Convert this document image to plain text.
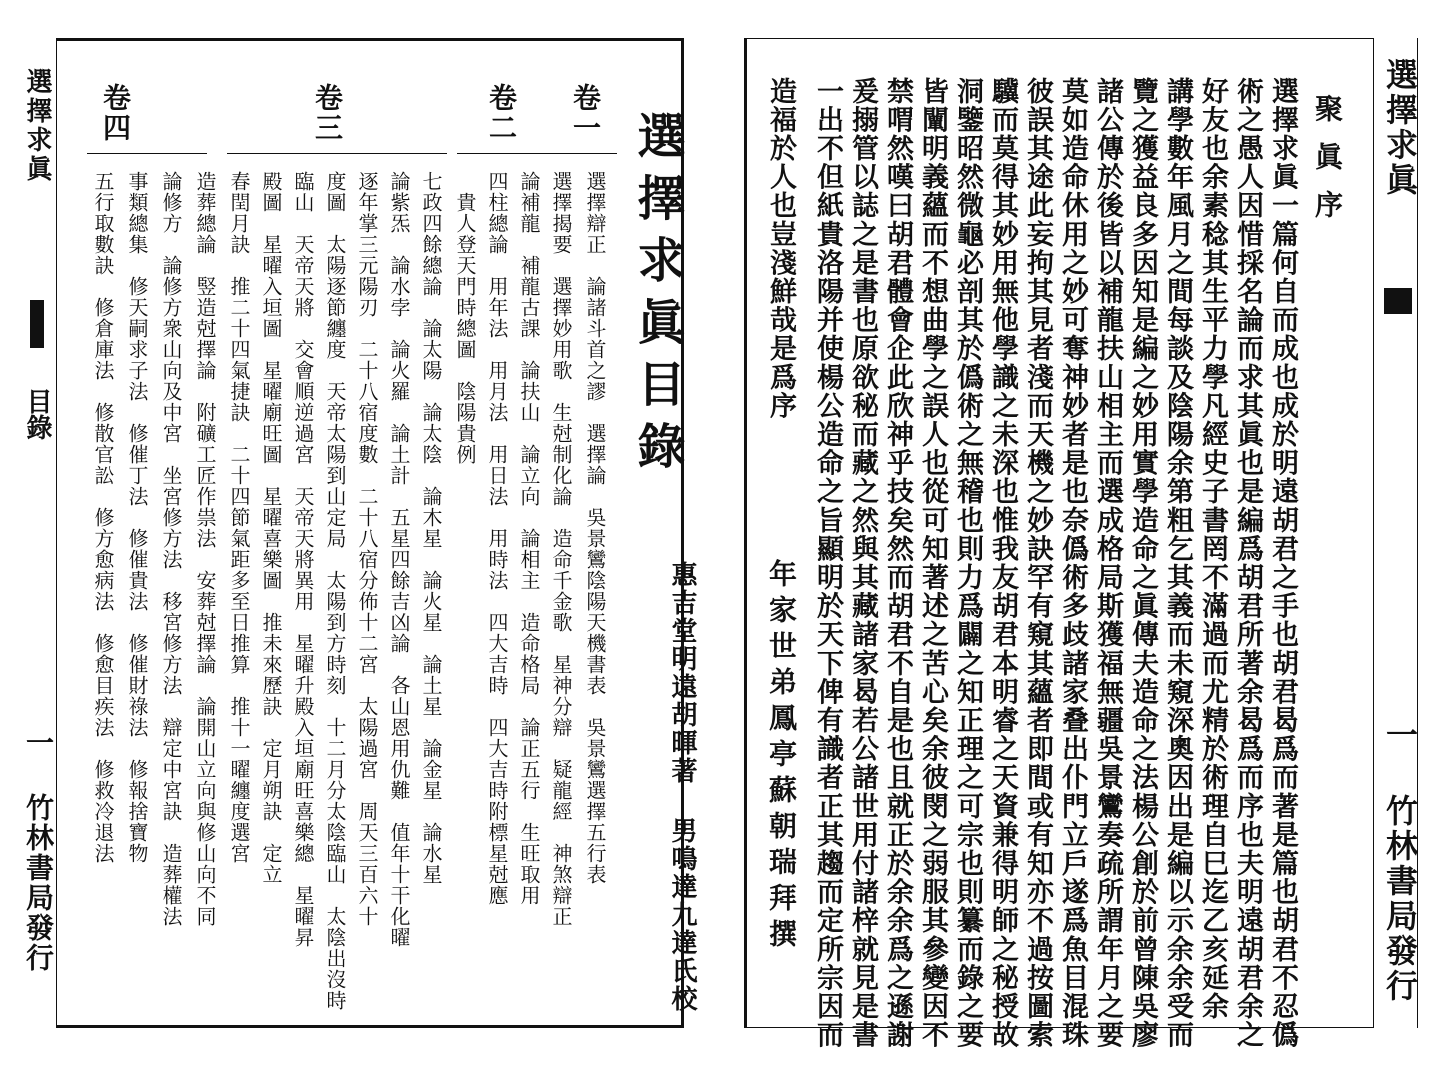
選擇求眞
目錄
一 竹林書局發行
選擇求眞目錄
惠吉堂明遠胡暉著 男鳴達九達氏校
卷一
卷二
卷三
卷四
選擇辯正　論諸斗首之謬　選擇論　吳景鸞陰陽天機書表　吳景鸞選擇五行表
選擇揭要　選擇妙用歌　生尅制化論　造命千金歌　星神分辯　疑龍經　神煞辯正
論補龍　補龍古課　論扶山　論立向　論相主　造命格局　論正五行　生旺取用
四柱總論　用年法　用月法　用日法　用時法　四大吉時　四大吉時附標星尅應
　貴人登天門時總圖　陰陽貴例
七政四餘總論　論太陽　論太陰　論木星　論火星　論土星　論金星　論水星
論紫炁　論水孛　論火羅　論土計　五星四餘吉凶論　各山恩用仇難　值年十干化曜
逐年掌三元陽刃　二十八宿度數　二十八宿分佈十二宮　太陽過宮　周天三百六十
度圖　太陽逐節纏度　天帝太陽到山定局　太陽到方時刻　十二月分太陰臨山　太陰出沒時
臨山　天帝天將　交會順逆過宮　天帝天將異用　星曜升殿入垣廟旺喜樂總　星曜昇
殿圖　星曜入垣圖　星曜廟旺圖　星曜喜樂圖　推未來歷訣　定月朔訣　定立
春閏月訣　推二十四氣捷訣　二十四節氣距多至日推算　推十一曜纏度選宮
造葬總論　竪造尅擇論　附礦工匠作祟法　安葬尅擇論　論開山立向與修山向不同
論修方　論修方衆山向及中宮　坐宮修方法　移宮修方法　辯定中宮訣　造葬權法
事類總集　修天嗣求子法　修催丁法　修催貴法　修催財祿法　修報捨寶物
五行取數訣　修倉庫法　修散官訟　修方愈病法　修愈目疾法　修救冷退法
聚眞序
選擇求眞一篇何自而成也成於明遠胡君之手也胡君曷爲而著是篇也胡君不忍僞
術之愚人因惜採名論而求其眞也是編爲胡君所著余曷爲而序也夫明遠胡君余之
好友也余素稔其生平力學凡經史子書罔不滿過而尤精於術理自巳迄乙亥延余
講學數年風月之間每談及陰陽余第粗乞其義而未窺深奧因出是編以示余余受而
覽之獲益良多因知是編之妙用實學造命之眞傳夫造命之法楊公創於前曾陳吳廖
諸公傳於後皆以補龍扶山相主而選成格局斯獲福無疆吳景鸞奏疏所謂年月之要
莫如造命休用之妙可奪神妙者是也奈僞術多歧諸家叠出仆門立戶遂爲魚目混珠
彼誤其途此妄拘其見者淺而天機之妙訣罕有窺其蘊者即間或有知亦不過按圖索
驥而莫得其妙用無他學識之未深也惟我友胡君本明睿之天資兼得明師之秘授故
洞鑒昭然微龜必剖其於僞術之無稽也則力爲闢之知正理之可宗也則纂而錄之要
皆闡明義蘊而不想曲學之誤人也從可知著述之苦心矣余彼閔之弱服其參變因不
禁喟然嘆曰胡君體會企此欣神乎技矣然而胡君不自是也且就正於余余爲之遜謝
爰搦管以誌之是書也原欲秘而藏之然與其藏諸家曷若公諸世用付諸梓就見是書
一出不但紙貴洛陽并使楊公造命之旨顯明於天下俾有識者正其趨而定所宗因而
造福於人也豈淺鮮哉是爲序
年家世弟鳳亭蘇朝瑞拜撰
選擇求眞
一 竹林書局發行
